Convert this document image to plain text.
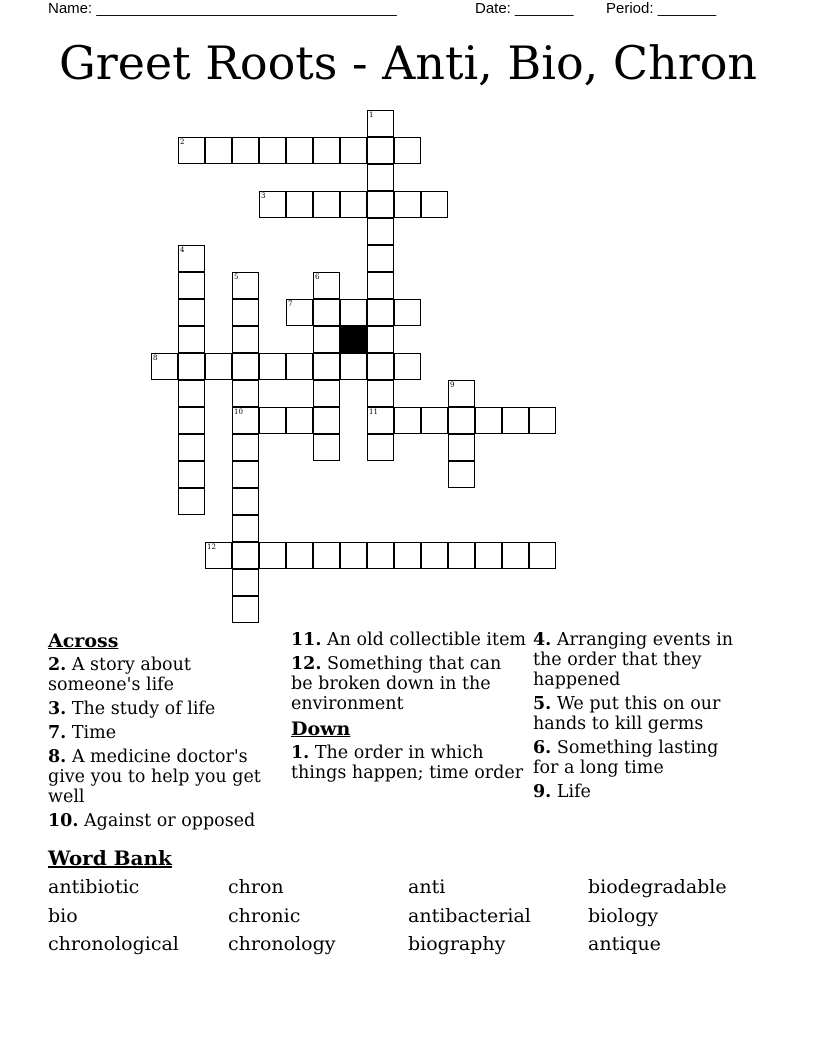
Name: ____________________________________

	Date: _______

Period: _______

Greet Roots - Anti, Bio, Chron
1
11
2
3
4
5
10
6
7
8
9
12
Across
2. A story about someone's life
3. The study of life
7. Time
8. A medicine doctor's give you to help you get well
10. Against or opposed
11. An old collectible item
12. Something that can be broken down in the environment
Down
1. The order in which things happen; time order
4. Arranging events in the order that they happened
5. We put this on our hands to kill germs
6. Something lasting for a long time
9. Life
Word Bank
antibiotic	chron	anti	biodegradable
bio	chronic	antibacterial	biology
chronological	chronology	biography	antique
